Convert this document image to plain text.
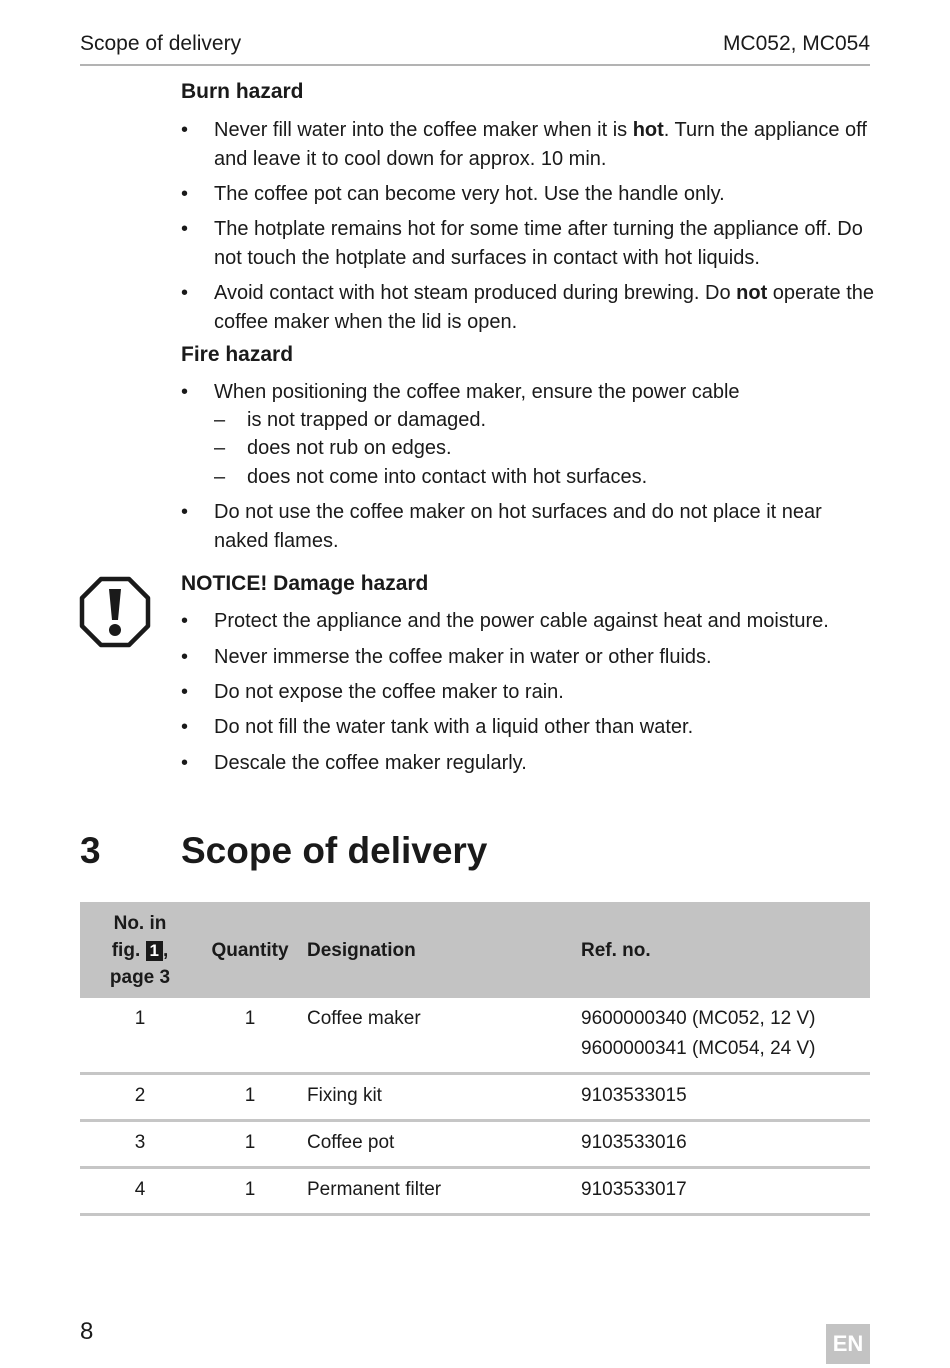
Scope of delivery	MC052, MC054
Burn hazard
•	Never fill water into the coffee maker when it is hot. Turn the appliance off and leave it to cool down for approx. 10 min.
•	The coffee pot can become very hot. Use the handle only.
•	The hotplate remains hot for some time after turning the appliance off. Do not touch the hotplate and surfaces in contact with hot liquids.
•	Avoid contact with hot steam produced during brewing. Do not operate the coffee maker when the lid is open.
Fire hazard
•	When positioning the coffee maker, ensure the power cable
– is not trapped or damaged.
– does not rub on edges.
– does not come into contact with hot surfaces.
•	Do not use the coffee maker on hot surfaces and do not place it near naked flames.
NOTICE! Damage hazard
•	Protect the appliance and the power cable against heat and moisture.
•	Never immerse the coffee maker in water or other fluids.
•	Do not expose the coffee maker to rain.
•	Do not fill the water tank with a liquid other than water.
•	Descale the coffee maker regularly.
3 Scope of delivery
No. in
fig. 1 ,
page 3	Quantity	Designation	Ref. no.
1	1	Coffee maker	9600000340 (MC052, 12 V)
9600000341 (MC054, 24 V)
2	1	Fixing kit	9103533015
3	1	Coffee pot	9103533016
4	1	Permanent filter	9103533017
8	EN
